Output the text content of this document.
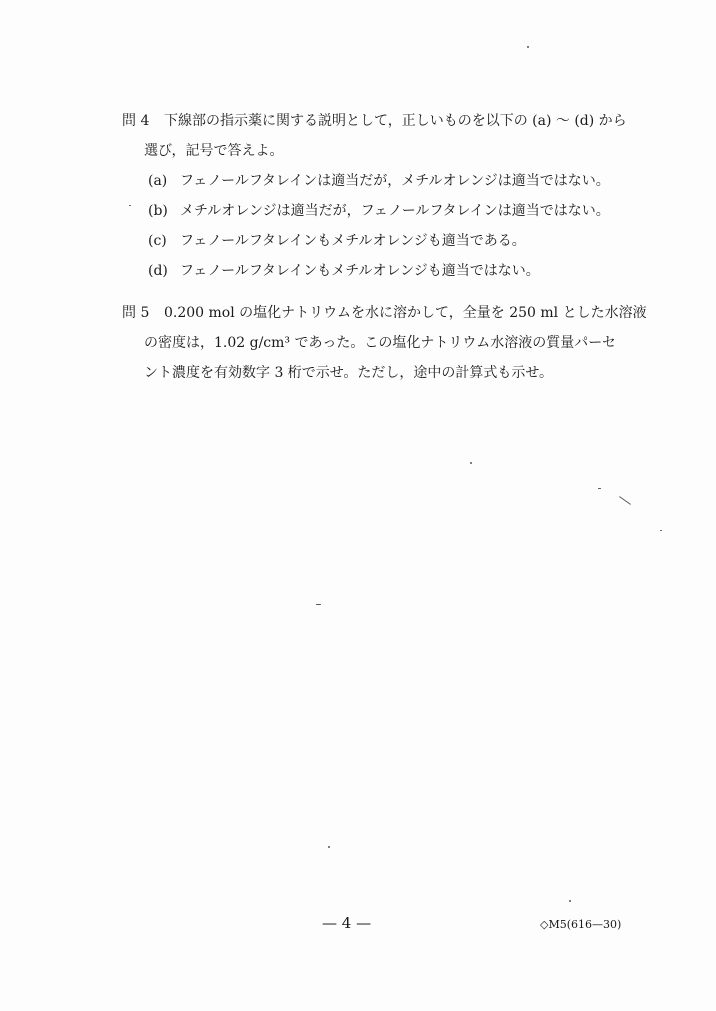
問 4 下線部の指示薬に関する説明として，正しいものを以下の (a) ～ (d) から
選び，記号で答えよ。
(a) フェノールフタレインは適当だが，メチルオレンジは適当ではない。
(b) メチルオレンジは適当だが，フェノールフタレインは適当ではない。
(c) フェノールフタレインもメチルオレンジも適当である。
(d) フェノールフタレインもメチルオレンジも適当ではない。
問 5 0.200 mol の塩化ナトリウムを水に溶かして，全量を 250 ml とした水溶液
の密度は，1.02 g/cm³ であった。この塩化ナトリウム水溶液の質量パーセ
ント濃度を有効数字 3 桁で示せ。ただし，途中の計算式も示せ。
— 4 —	◇M5(616—30)
